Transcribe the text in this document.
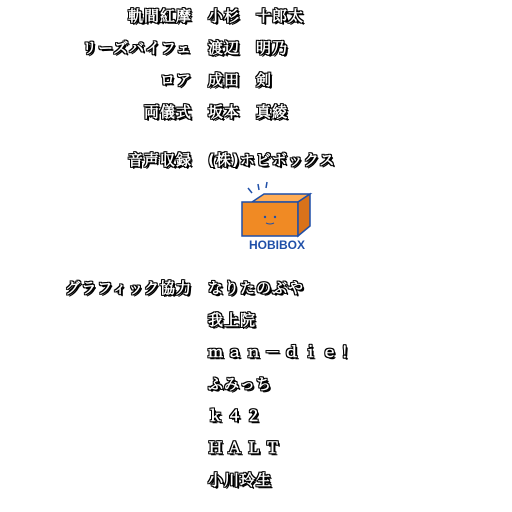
軌間紅摩 小杉　十郎太
リーズバイフェ 渡辺　明乃
ロア 成田　剣
両儀式 坂本　真綾
音声収録 (株)ホビボックス
HOBIBOX
グラフィック協力 なりたのぶや
我上院
ｍａｎ－ｄｉｅ！
ふみっち
ｋ４２
ＨＡＬＴ
小川玲生
